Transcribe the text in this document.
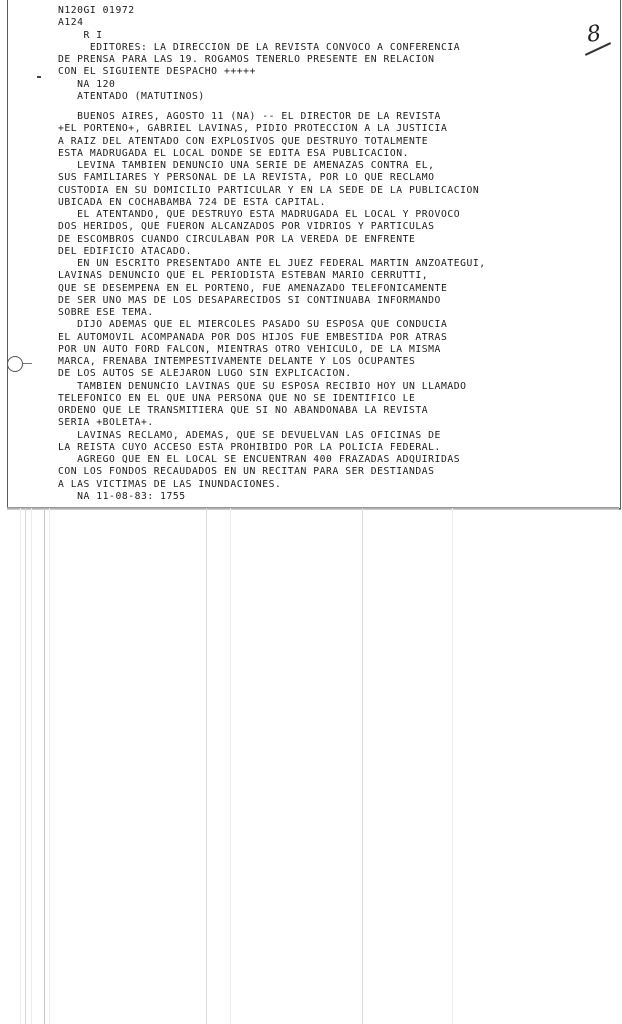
N120GI 01972
A124
R I
EDITORES: LA DIRECCION DE LA REVISTA CONVOCO A CONFERENCIA
DE PRENSA PARA LAS 19. ROGAMOS TENERLO PRESENTE EN RELACION
CON EL SIGUIENTE DESPACHO +++++
NA 120
ATENTADO (MATUTINOS)
BUENOS AIRES, AGOSTO 11 (NA) -- EL DIRECTOR DE LA REVISTA
+EL PORTENO+, GABRIEL LAVINAS, PIDIO PROTECCION A LA JUSTICIA
A RAIZ DEL ATENTADO CON EXPLOSIVOS QUE DESTRUYO TOTALMENTE
ESTA MADRUGADA EL LOCAL DONDE SE EDITA ESA PUBLICACION.
LEVINA TAMBIEN DENUNCIO UNA SERIE DE AMENAZAS CONTRA EL,
SUS FAMILIARES Y PERSONAL DE LA REVISTA, POR LO QUE RECLAMO
CUSTODIA EN SU DOMICILIO PARTICULAR Y EN LA SEDE DE LA PUBLICACION
UBICADA EN COCHABAMBA 724 DE ESTA CAPITAL.
EL ATENTANDO, QUE DESTRUYO ESTA MADRUGADA EL LOCAL Y PROVOCO
DOS HERIDOS, QUE FUERON ALCANZADOS POR VIDRIOS Y PARTICULAS
DE ESCOMBROS CUANDO CIRCULABAN POR LA VEREDA DE ENFRENTE
DEL EDIFICIO ATACADO.
EN UN ESCRITO PRESENTADO ANTE EL JUEZ FEDERAL MARTIN ANZOATEGUI,
LAVINAS DENUNCIO QUE EL PERIODISTA ESTEBAN MARIO CERRUTTI,
QUE SE DESEMPENA EN EL PORTENO, FUE AMENAZADO TELEFONICAMENTE
DE SER UNO MAS DE LOS DESAPARECIDOS SI CONTINUABA INFORMANDO
SOBRE ESE TEMA.
DIJO ADEMAS QUE EL MIERCOLES PASADO SU ESPOSA QUE CONDUCIA
EL AUTOMOVIL ACOMPANADA POR DOS HIJOS FUE EMBESTIDA POR ATRAS
POR UN AUTO FORD FALCON, MIENTRAS OTRO VEHICULO, DE LA MISMA
MARCA, FRENABA INTEMPESTIVAMENTE DELANTE Y LOS OCUPANTES
DE LOS AUTOS SE ALEJARON LUGO SIN EXPLICACION.
TAMBIEN DENUNCIO LAVINAS QUE SU ESPOSA RECIBIO HOY UN LLAMADO
TELEFONICO EN EL QUE UNA PERSONA QUE NO SE IDENTIFICO LE
ORDENO QUE LE TRANSMITIERA QUE SI NO ABANDONABA LA REVISTA
SERIA +BOLETA+.
LAVINAS RECLAMO, ADEMAS, QUE SE DEVUELVAN LAS OFICINAS DE
LA REISTA CUYO ACCESO ESTA PROHIBIDO POR LA POLICIA FEDERAL.
AGREGO QUE EN EL LOCAL SE ENCUENTRAN 400 FRAZADAS ADQUIRIDAS
CON LOS FONDOS RECAUDADOS EN UN RECITAN PARA SER DESTIANDAS
A LAS VICTIMAS DE LAS INUNDACIONES.
NA 11-08-83: 1755
8
